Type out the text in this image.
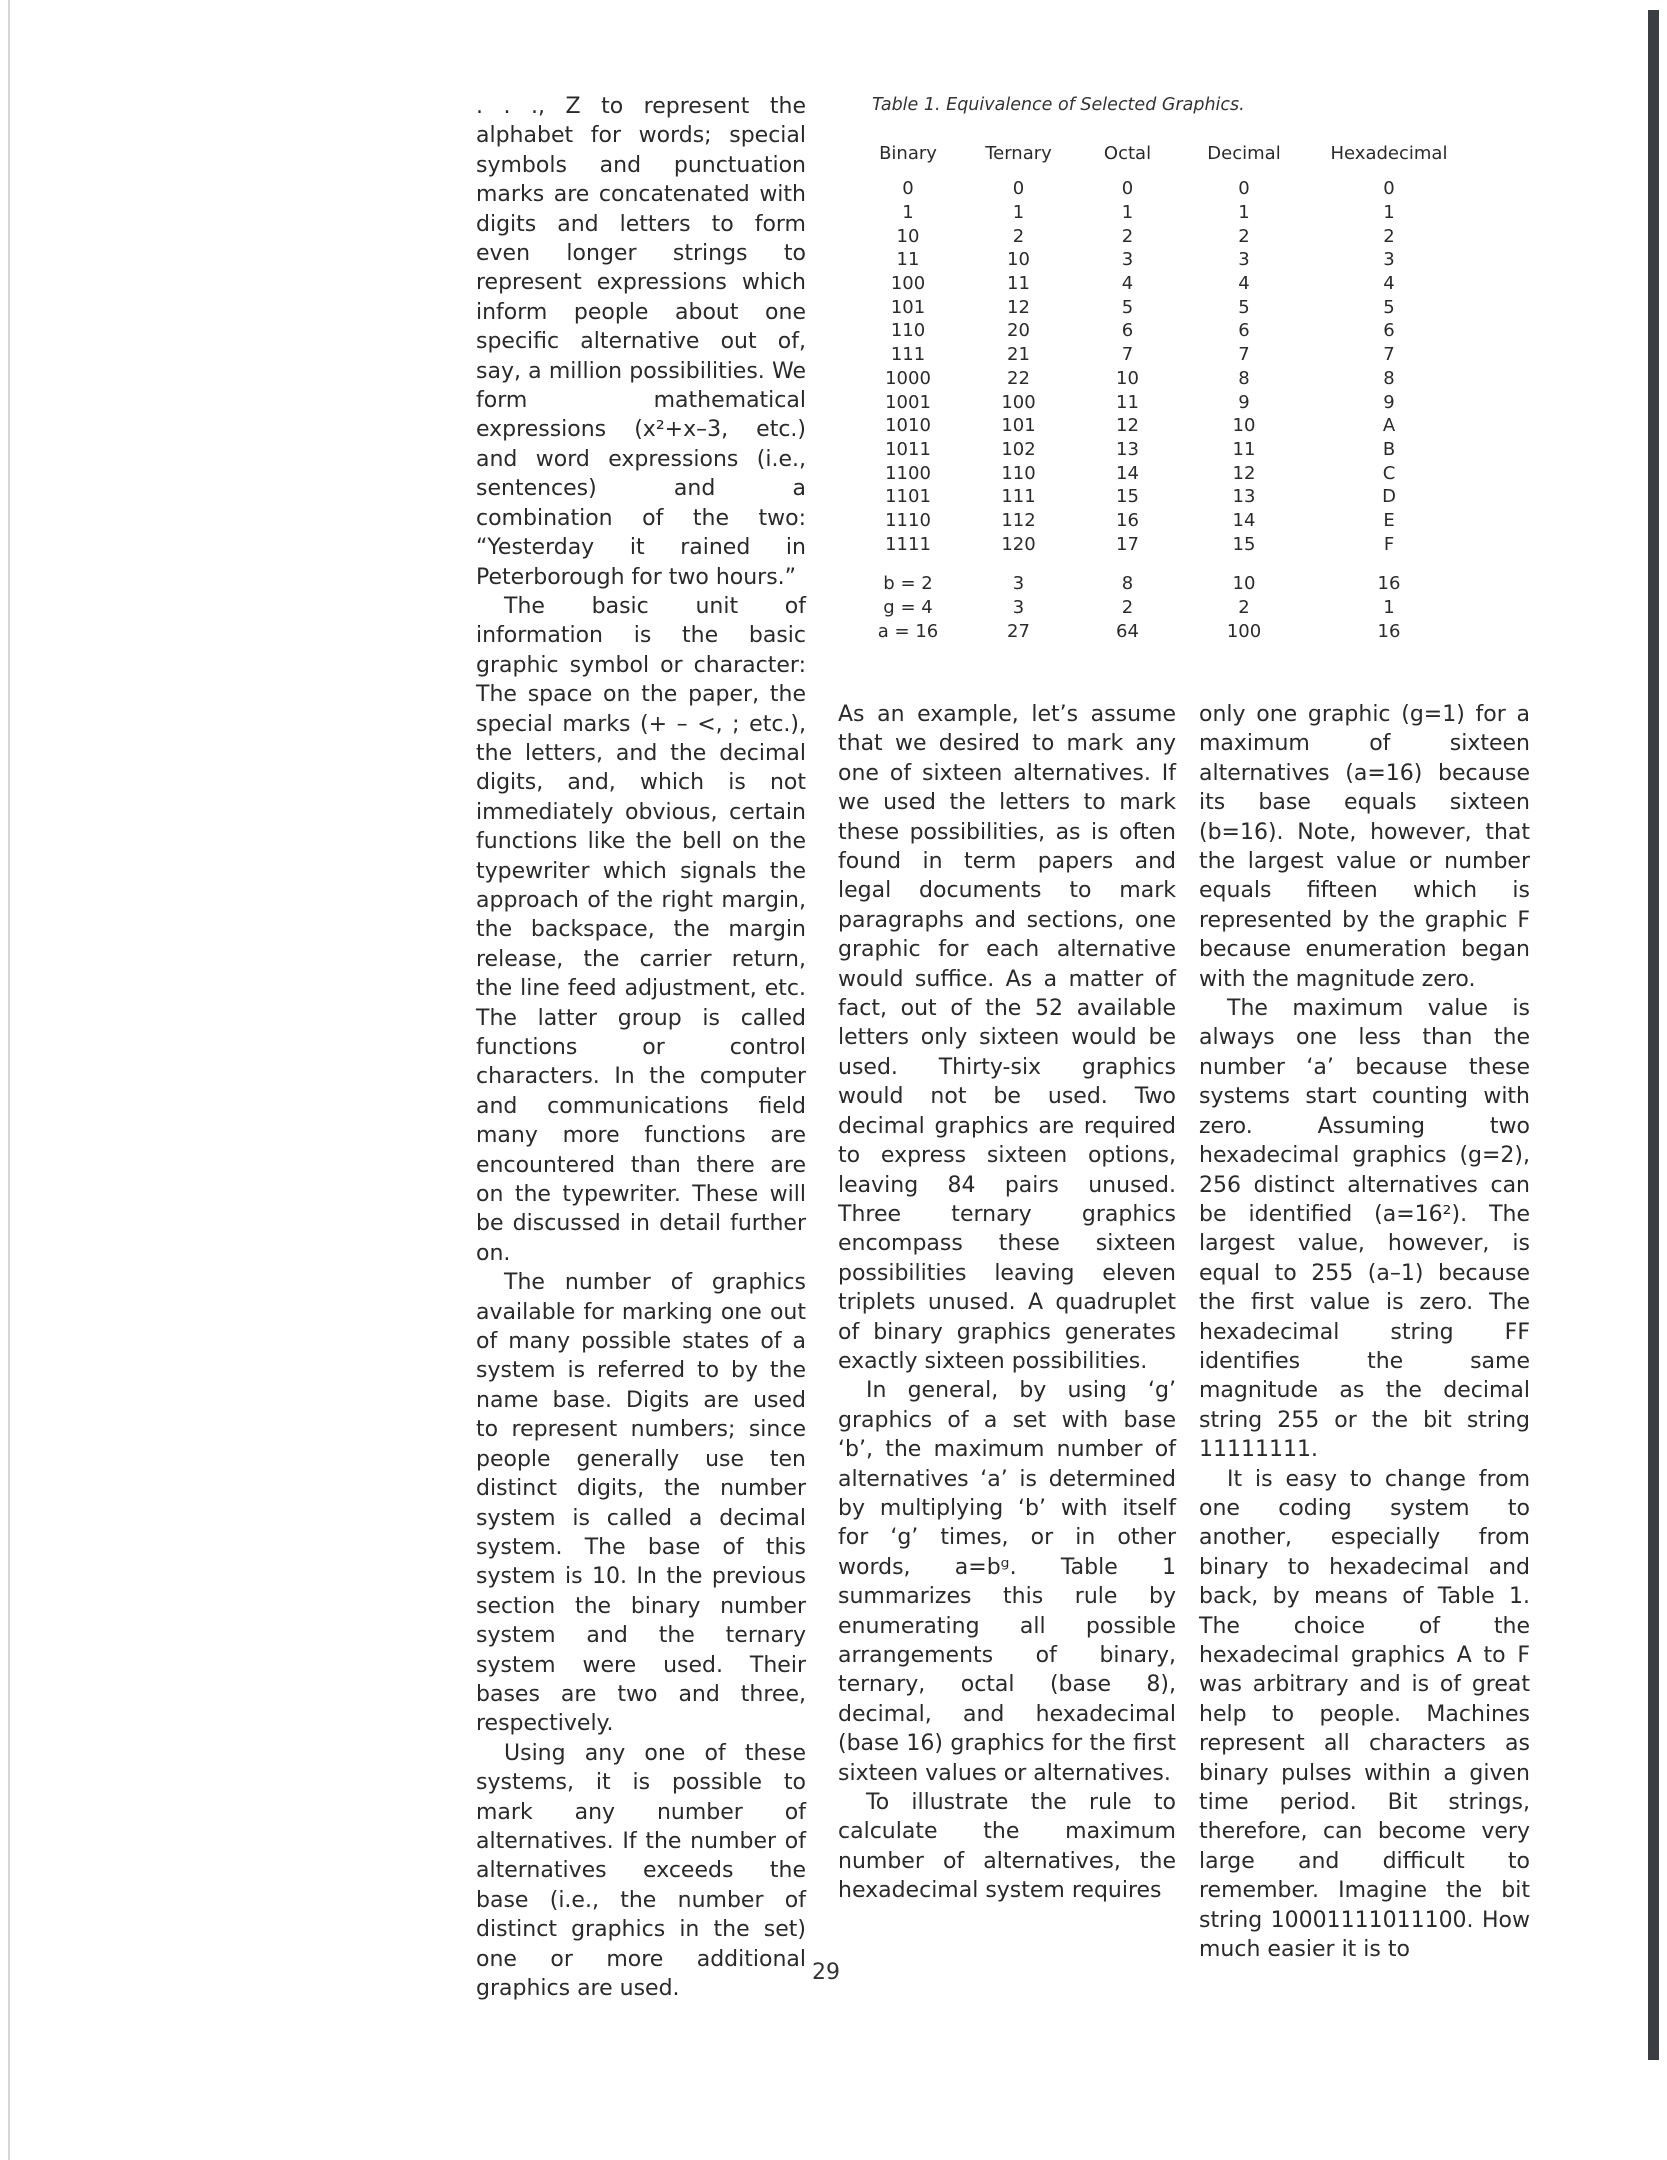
. . ., Z to represent the alphabet for words; special symbols and punctuation marks are concatenated with digits and letters to form even longer strings to represent expressions which inform people about one specific alternative out of, say, a million possibilities. We form mathematical expressions (x²+x–3, etc.) and word expressions (i.e., sentences) and a combination of the two: “Yesterday it rained in Peterborough for two hours.”

The basic unit of information is the basic graphic symbol or character: The space on the paper, the special marks (+ – <, ; etc.), the letters, and the decimal digits, and, which is not immediately obvious, certain functions like the bell on the typewriter which signals the approach of the right margin, the backspace, the margin release, the carrier return, the line feed adjustment, etc. The latter group is called functions or control characters. In the computer and communications field many more functions are encountered than there are on the typewriter. These will be discussed in detail further on.

The number of graphics available for marking one out of many possible states of a system is referred to by the name base. Digits are used to represent numbers; since people generally use ten distinct digits, the number system is called a decimal system. The base of this system is 10. In the previous section the binary number system and the ternary system were used. Their bases are two and three, respectively.

Using any one of these systems, it is possible to mark any number of alternatives. If the number of alternatives exceeds the base (i.e., the number of distinct graphics in the set) one or more additional graphics are used.

Table 1. Equivalence of Selected Graphics.
Binary	Ternary	Octal	Decimal	Hexadecimal
0	0	0	0	0
1	1	1	1	1
10	2	2	2	2
11	10	3	3	3
100	11	4	4	4
101	12	5	5	5
110	20	6	6	6
111	21	7	7	7
1000	22	10	8	8
1001	100	11	9	9
1010	101	12	10	A
1011	102	13	11	B
1100	110	14	12	C
1101	111	15	13	D
1110	112	16	14	E
1111	120	17	15	F

b = 2	3	8	10	16
g = 4	3	2	2	1
a = 16	27	64	100	16

As an example, let’s assume that we desired to mark any one of sixteen alternatives. If we used the letters to mark these possibilities, as is often found in term papers and legal documents to mark paragraphs and sections, one graphic for each alternative would suffice. As a matter of fact, out of the 52 available letters only sixteen would be used. Thirty-six graphics would not be used. Two decimal graphics are required to express sixteen options, leaving 84 pairs unused. Three ternary graphics encompass these sixteen possibilities leaving eleven triplets unused. A quadruplet of binary graphics generates exactly sixteen possibilities.

In general, by using ‘g’ graphics of a set with base ‘b’, the maximum number of alternatives ‘a’ is determined by multiplying ‘b’ with itself for ‘g’ times, or in other words, a=bᵍ. Table 1 summarizes this rule by enumerating all possible arrangements of binary, ternary, octal (base 8), decimal, and hexadecimal (base 16) graphics for the first sixteen values or alternatives.

To illustrate the rule to calculate the maximum number of alternatives, the hexadecimal system requires

only one graphic (g=1) for a maximum of sixteen alternatives (a=16) because its base equals sixteen (b=16). Note, however, that the largest value or number equals fifteen which is represented by the graphic F because enumeration began with the magnitude zero.

The maximum value is always one less than the number ‘a’ because these systems start counting with zero. Assuming two hexadecimal graphics (g=2), 256 distinct alternatives can be identified (a=16²). The largest value, however, is equal to 255 (a–1) because the first value is zero. The hexadecimal string FF identifies the same magnitude as the decimal string 255 or the bit string 11111111.

It is easy to change from one coding system to another, especially from binary to hexadecimal and back, by means of Table 1. The choice of the hexadecimal graphics A to F was arbitrary and is of great help to people. Machines represent all characters as binary pulses within a given time period. Bit strings, therefore, can become very large and difficult to remember. Imagine the bit string 10001111011100. How much easier it is to

29
